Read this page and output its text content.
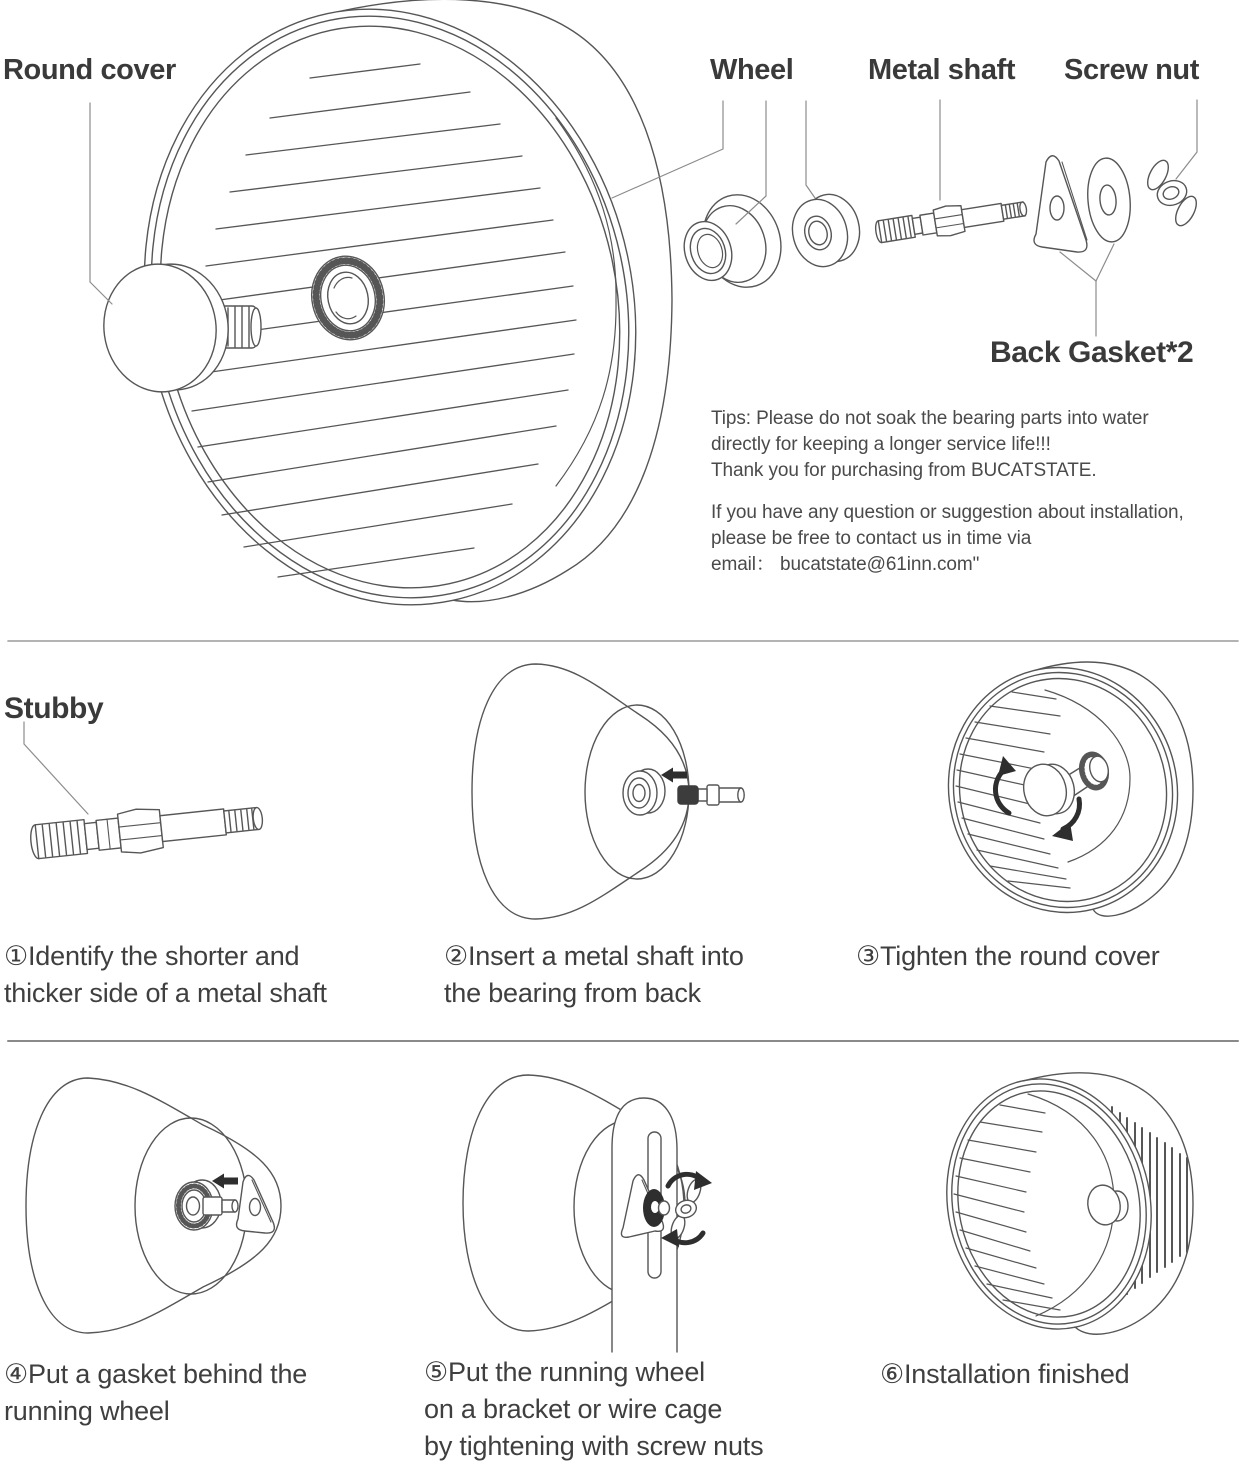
Round cover	Wheel	Metal shaft Screw nut
Back Gasket*2
Stubby
Tips: Please do not soak the bearing parts into water
directly for keeping a longer service life!!!
Thank you for purchasing from BUCATSTATE.
If you have any question or suggestion about installation,
please be free to contact us in time via
email： bucatstate@61inn.com"
①Identify the shorter and
thicker side of a metal shaft
②Insert a metal shaft into
the bearing from back
③Tighten the round cover
④Put a gasket behind the
running wheel
⑤Put the running wheel
on a bracket or wire cage
by tightening with screw nuts
⑥Installation finished
